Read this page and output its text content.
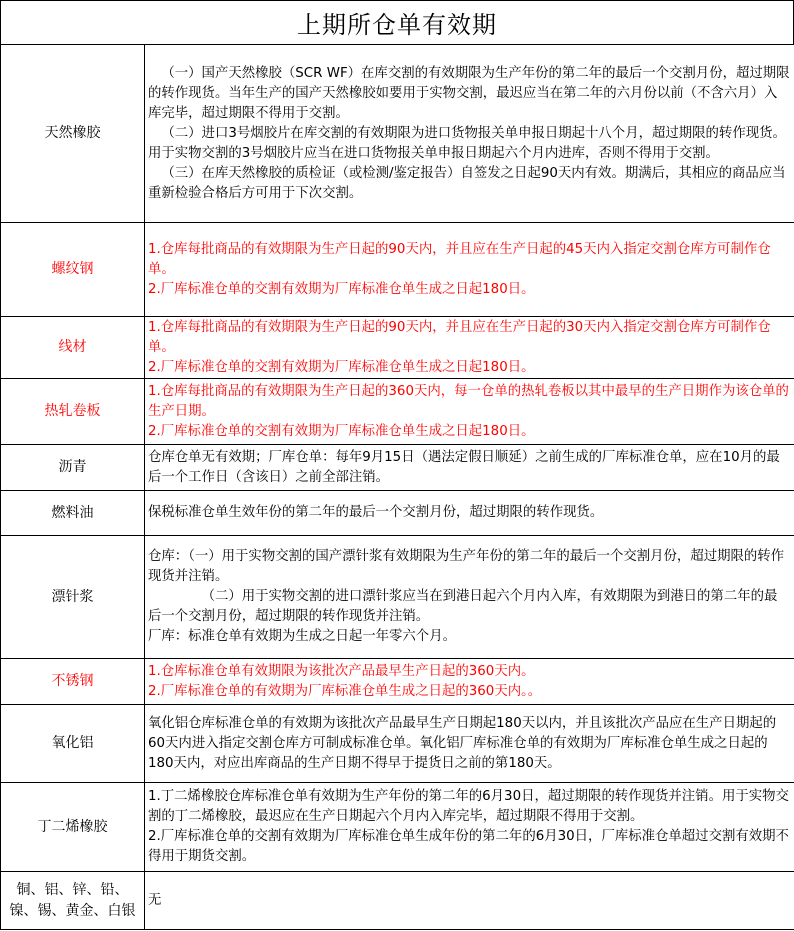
上期所仓单有效期
天然橡胶	（一）国产天然橡胶（SCR WF）在库交割的有效期限为生产年份的第二年的最后一个交割月份，超过期限的转作现货。当年生产的国产天然橡胶如要用于实物交割，最迟应当在第二年的六月份以前（不含六月）入库完毕，超过期限不得用于交割。
（二）进口3号烟胶片在库交割的有效期限为进口货物报关单申报日期起十八个月，超过期限的转作现货。用于实物交割的3号烟胶片应当在进口货物报关单申报日期起六个月内进库，否则不得用于交割。
（三）在库天然橡胶的质检证（或检测/鉴定报告）自签发之日起90天内有效。期满后，其相应的商品应当重新检验合格后方可用于下次交割。

螺纹钢	1.仓库每批商品的有效期限为生产日起的90天内，并且应在生产日起的45天内入指定交割仓库方可制作仓单。
2.厂库标准仓单的交割有效期为厂库标准仓单生成之日起180日。

线材	1.仓库每批商品的有效期限为生产日起的90天内，并且应在生产日起的30天内入指定交割仓库方可制作仓单。
2.厂库标准仓单的交割有效期为厂库标准仓单生成之日起180日。

热轧卷板	1.仓库每批商品的有效期限为生产日起的360天内，每一仓单的热轧卷板以其中最早的生产日期作为该仓单的生产日期。
2.厂库标准仓单的交割有效期为厂库标准仓单生成之日起180日。

沥青	仓库仓单无有效期；厂库仓单：每年9月15日（遇法定假日顺延）之前生成的厂库标准仓单，应在10月的最后一个工作日（含该日）之前全部注销。

燃料油	保税标准仓单生效年份的第二年的最后一个交割月份，超过期限的转作现货。

漂针浆	仓库：（一）用于实物交割的国产漂针浆有效期限为生产年份的第二年的最后一个交割月份，超过期限的转作现货并注销。
（二）用于实物交割的进口漂针浆应当在到港日起六个月内入库，有效期限为到港日的第二年的最后一个交割月份，超过期限的转作现货并注销。
厂库：标准仓单有效期为生成之日起一年零六个月。

不锈钢	1.仓库标准仓单有效期限为该批次产品最早生产日起的360天内。
2.厂库标准仓单的有效期为厂库标准仓单生成之日起的360天内。。

氧化铝	氧化铝仓库标准仓单的有效期为该批次产品最早生产日期起180天以内，并且该批次产品应在生产日期起的60天内进入指定交割仓库方可制成标准仓单。氧化铝厂库标准仓单的有效期为厂库标准仓单生成之日起的180天内，对应出库商品的生产日期不得早于提货日之前的第180天。

丁二烯橡胶	1.丁二烯橡胶仓库标准仓单有效期为生产年份的第二年的6月30日，超过期限的转作现货并注销。用于实物交割的丁二烯橡胶，最迟应在生产日期起六个月内入库完毕，超过期限不得用于交割。
2.厂库标准仓单的交割有效期为厂库标准仓单生成年份的第二年的6月30日，厂库标准仓单超过交割有效期不得用于期货交割。

铜、铝、锌、铅、镍、锡、黄金、白银	无
